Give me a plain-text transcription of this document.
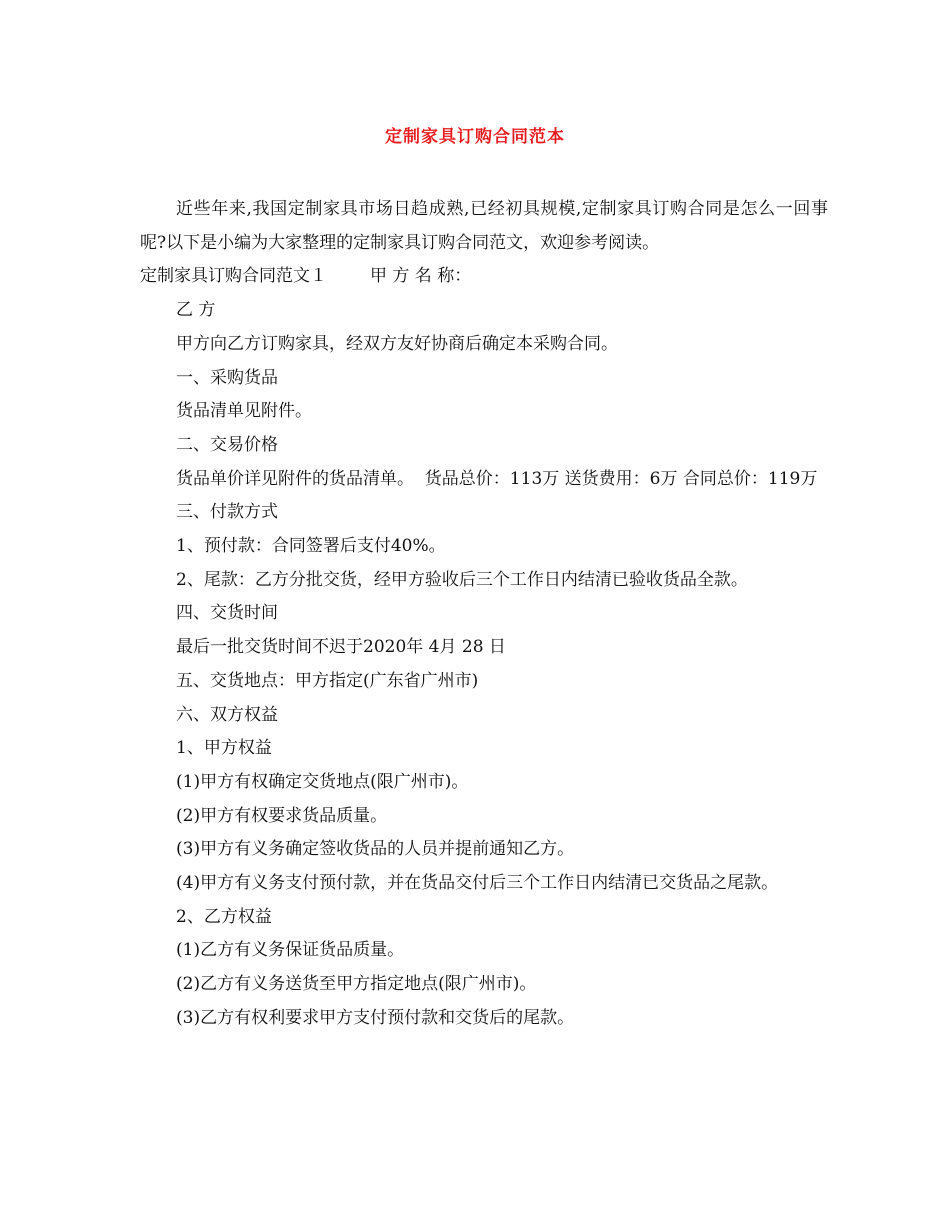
定制家具订购合同范本

近些年来,我国定制家具市场日趋成熟,已经初具规模,定制家具订购合同是怎么一回事呢?以下是小编为大家整理的定制家具订购合同范文，欢迎参考阅读。

定制家具订购合同范文１	甲 方 名 称：

乙 方

甲方向乙方订购家具，经双方友好协商后确定本采购合同。

一、采购货品

货品清单见附件。

二、交易价格

货品单价详见附件的货品清单。  货品总价：113万 送货费用：6万 合同总价：119万

三、付款方式

1、预付款：合同签署后支付40%。

2、尾款：乙方分批交货，经甲方验收后三个工作日内结清已验收货品全款。

四、交货时间

最后一批交货时间不迟于2020年 4月 28 日

五、交货地点：甲方指定(广东省广州市)

六、双方权益

1、甲方权益

(1)甲方有权确定交货地点(限广州市)。

(2)甲方有权要求货品质量。

(3)甲方有义务确定签收货品的人员并提前通知乙方。

(4)甲方有义务支付预付款，并在货品交付后三个工作日内结清已交货品之尾款。

2、乙方权益

(1)乙方有义务保证货品质量。

(2)乙方有义务送货至甲方指定地点(限广州市)。

(3)乙方有权利要求甲方支付预付款和交货后的尾款。
